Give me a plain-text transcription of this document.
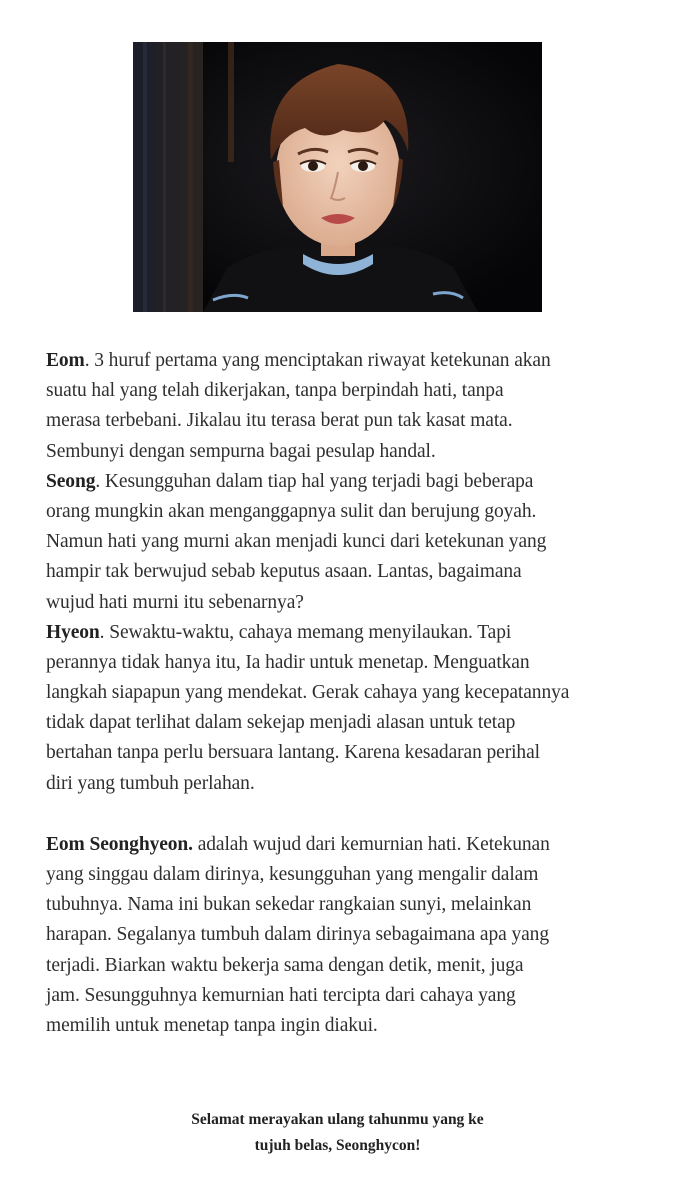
Eom. 3 huruf pertama yang menciptakan riwayat ketekunan akan
suatu hal yang telah dikerjakan, tanpa berpindah hati, tanpa
merasa terbebani. Jikalau itu terasa berat pun tak kasat mata.
Sembunyi dengan sempurna bagai pesulap handal.
Seong. Kesungguhan dalam tiap hal yang terjadi bagi beberapa
orang mungkin akan menganggapnya sulit dan berujung goyah.
Namun hati yang murni akan menjadi kunci dari ketekunan yang
hampir tak berwujud sebab keputus asaan. Lantas, bagaimana
wujud hati murni itu sebenarnya?
Hyeon. Sewaktu-waktu, cahaya memang menyilaukan. Tapi
perannya tidak hanya itu, Ia hadir untuk menetap. Menguatkan
langkah siapapun yang mendekat. Gerak cahaya yang kecepatannya
tidak dapat terlihat dalam sekejap menjadi alasan untuk tetap
bertahan tanpa perlu bersuara lantang. Karena kesadaran perihal
diri yang tumbuh perlahan.
Eom Seonghyeon. adalah wujud dari kemurnian hati. Ketekunan
yang singgau dalam dirinya, kesungguhan yang mengalir dalam
tubuhnya. Nama ini bukan sekedar rangkaian sunyi, melainkan
harapan. Segalanya tumbuh dalam dirinya sebagaimana apa yang
terjadi. Biarkan waktu bekerja sama dengan detik, menit, juga
jam. Sesungguhnya kemurnian hati tercipta dari cahaya yang
memilih untuk menetap tanpa ingin diakui.
Selamat merayakan ulang tahunmu yang ke
tujuh belas, Seonghycon!
